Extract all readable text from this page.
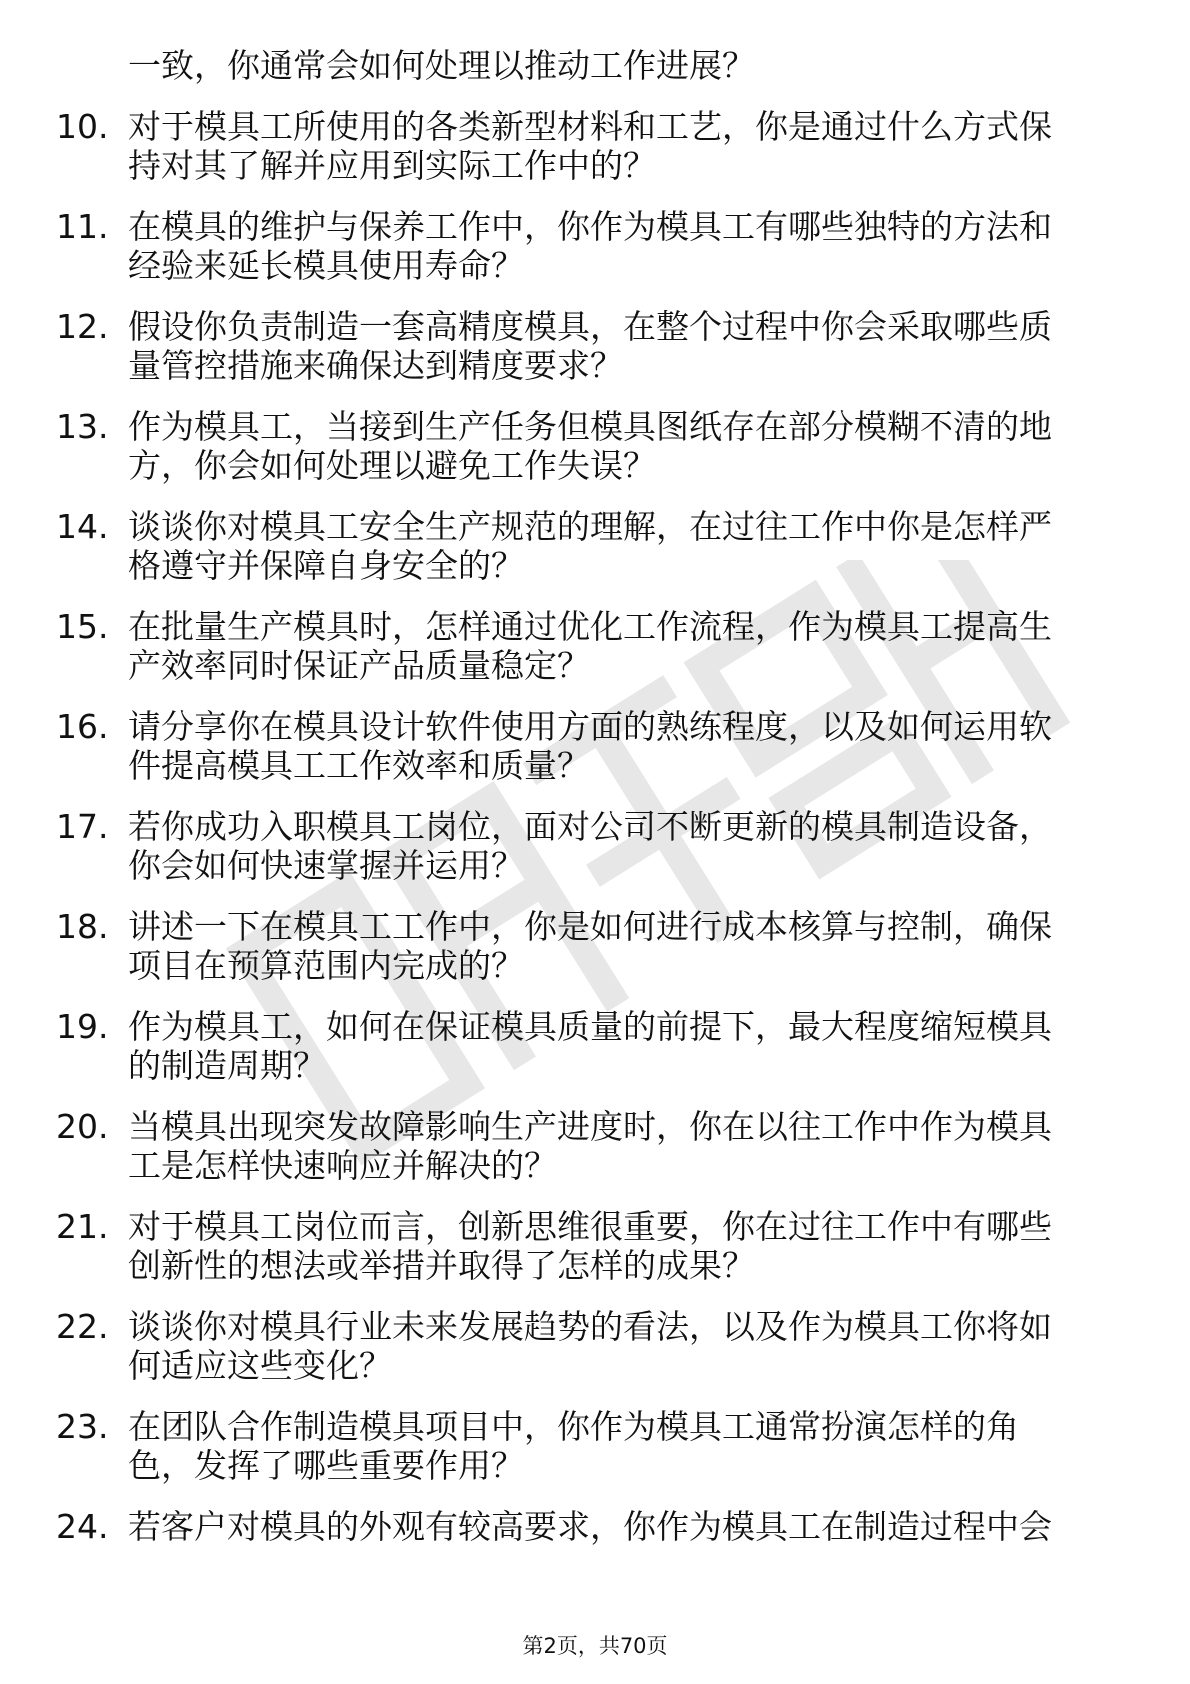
一致，你通常会如何处理以推动工作进展？
10. 对于模具工所使用的各类新型材料和工艺，你是通过什么方式保
持对其了解并应用到实际工作中的？
11. 在模具的维护与保养工作中，你作为模具工有哪些独特的方法和
经验来延长模具使用寿命？
12. 假设你负责制造一套高精度模具，在整个过程中你会采取哪些质
量管控措施来确保达到精度要求？
13. 作为模具工，当接到生产任务但模具图纸存在部分模糊不清的地
方，你会如何处理以避免工作失误？
14. 谈谈你对模具工安全生产规范的理解，在过往工作中你是怎样严
格遵守并保障自身安全的？
15. 在批量生产模具时，怎样通过优化工作流程，作为模具工提高生
产效率同时保证产品质量稳定？
16. 请分享你在模具设计软件使用方面的熟练程度，以及如何运用软
件提高模具工工作效率和质量？
17. 若你成功入职模具工岗位，面对公司不断更新的模具制造设备，
你会如何快速掌握并运用？
18. 讲述一下在模具工工作中，你是如何进行成本核算与控制，确保
项目在预算范围内完成的？
19. 作为模具工，如何在保证模具质量的前提下，最大程度缩短模具
的制造周期？
20. 当模具出现突发故障影响生产进度时，你在以往工作中作为模具
工是怎样快速响应并解决的？
21. 对于模具工岗位而言，创新思维很重要，你在过往工作中有哪些
创新性的想法或举措并取得了怎样的成果？
22. 谈谈你对模具行业未来发展趋势的看法，以及作为模具工你将如
何适应这些变化？
23. 在团队合作制造模具项目中，你作为模具工通常扮演怎样的角
色，发挥了哪些重要作用？
24. 若客户对模具的外观有较高要求，你作为模具工在制造过程中会
第2页，共70页
